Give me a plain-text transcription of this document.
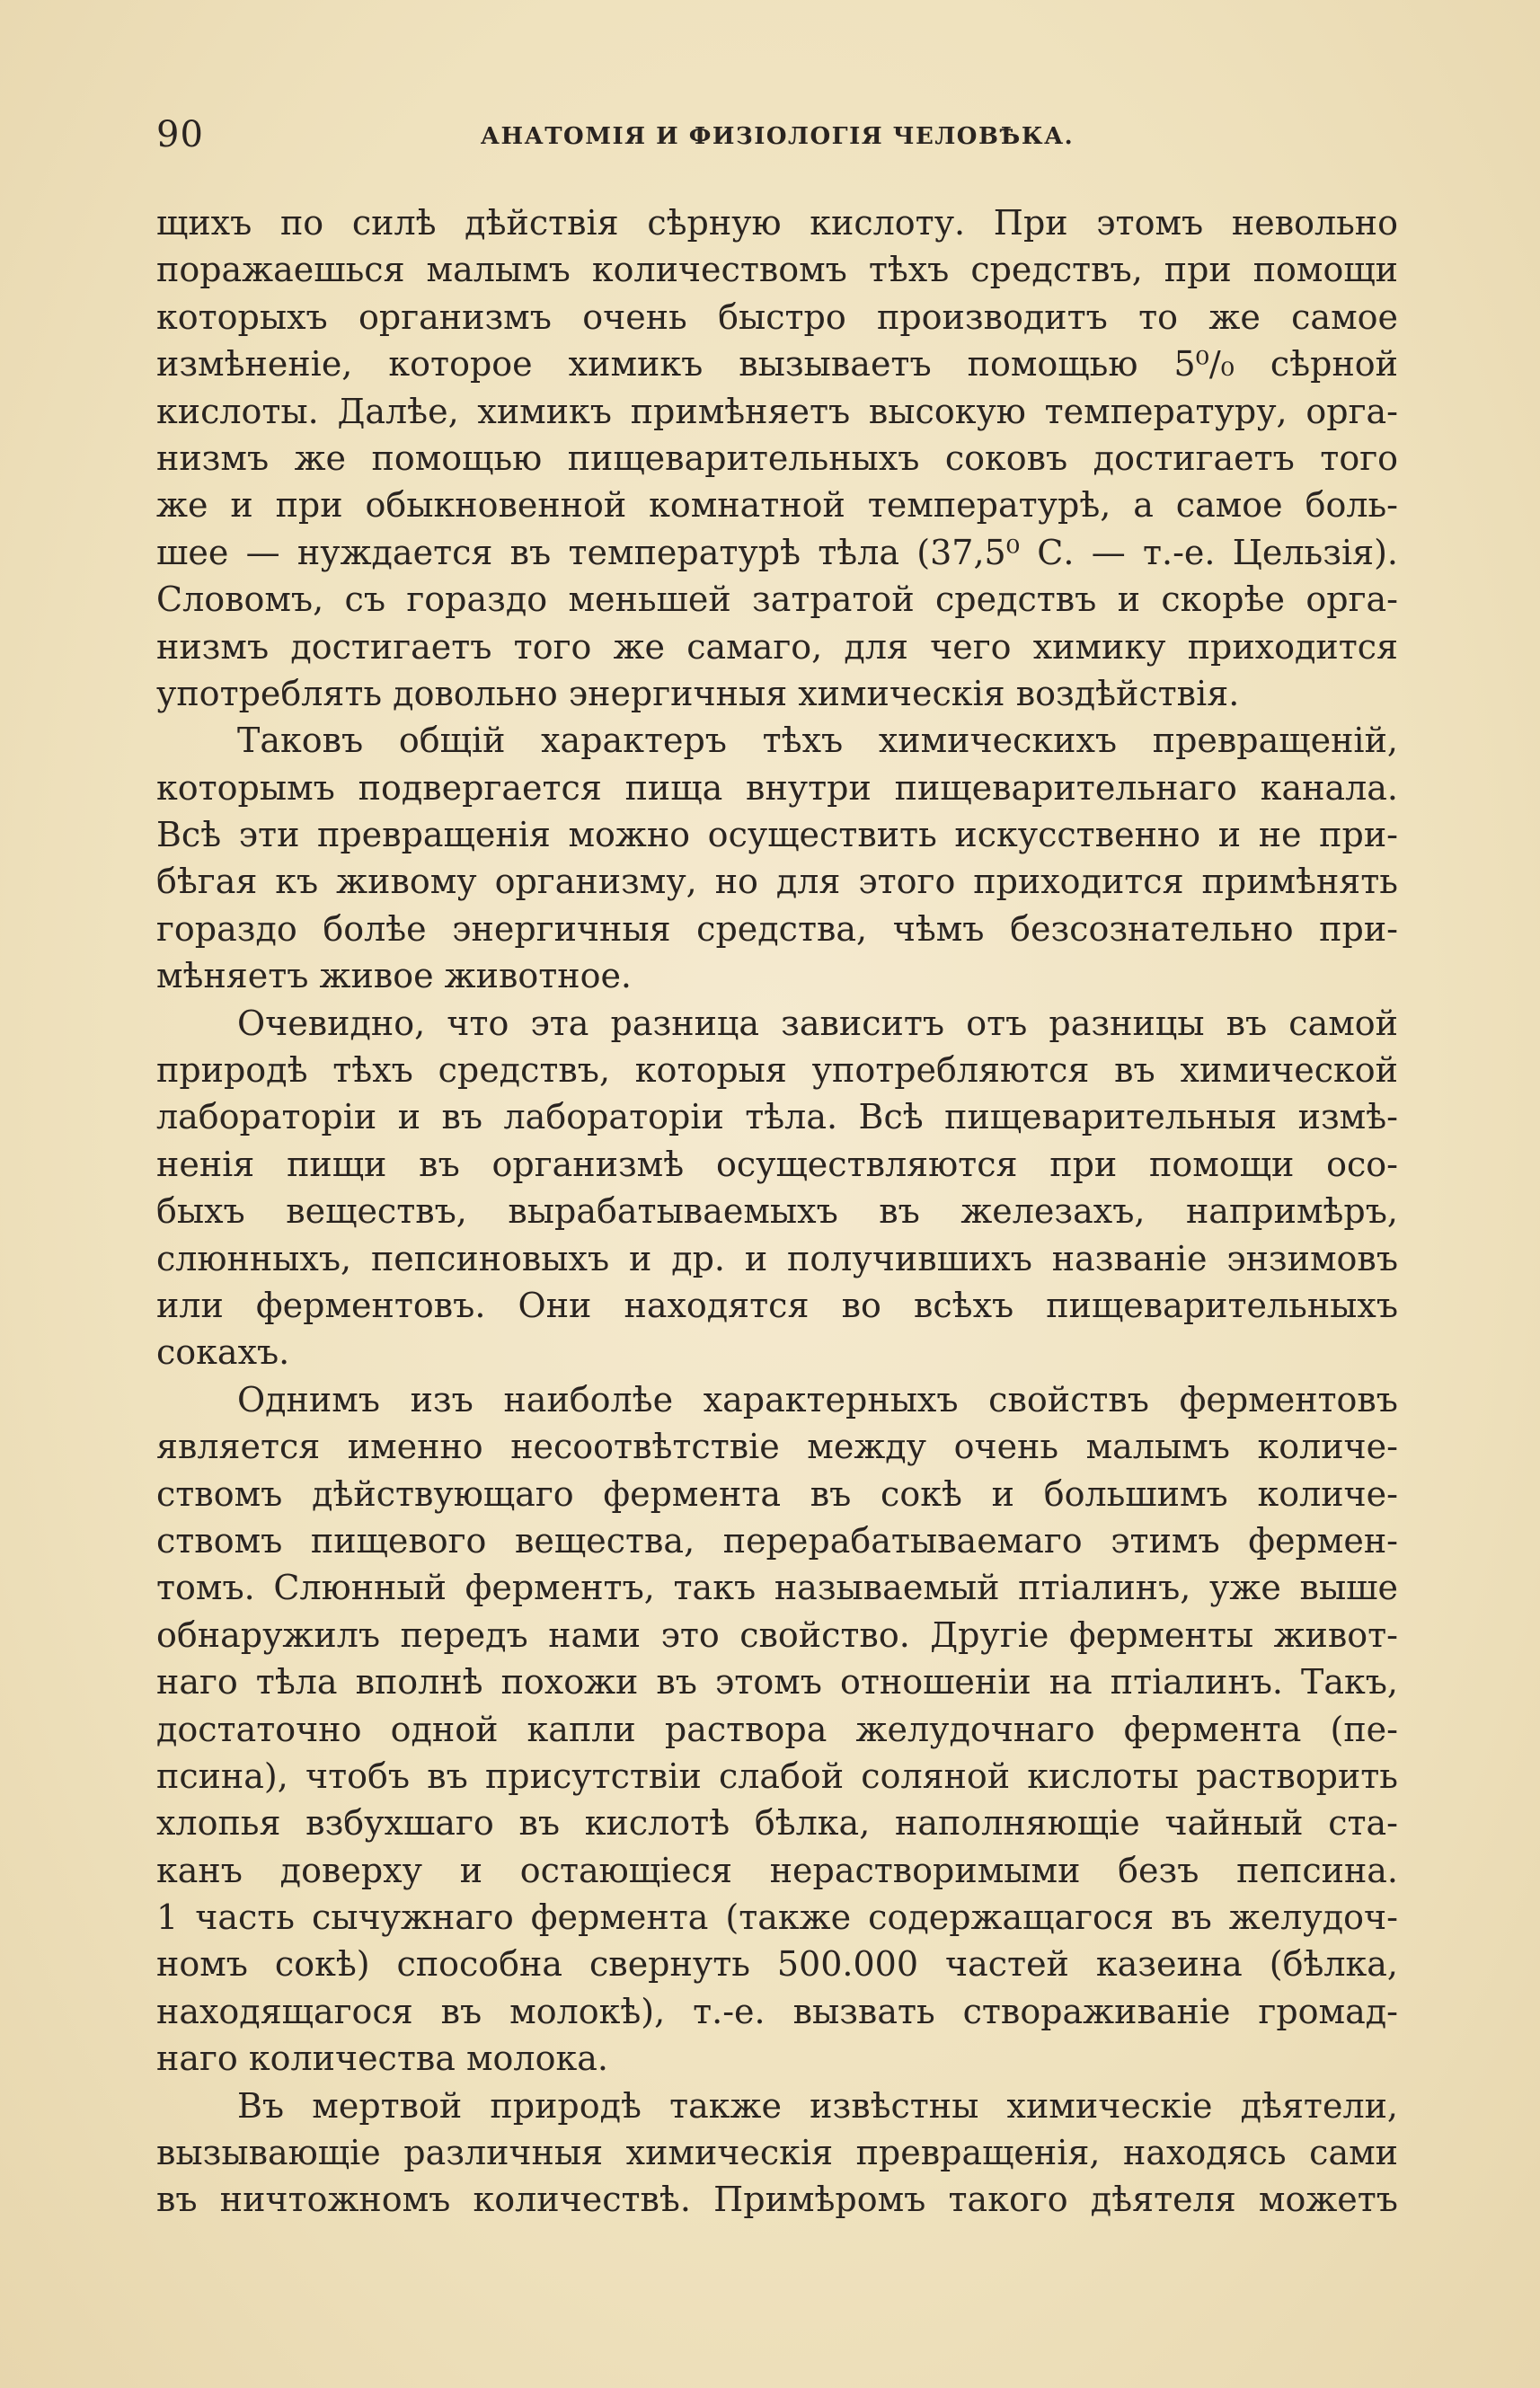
90	АНАТОМІЯ И ФИЗІОЛОГІЯ ЧЕЛОВѢКА.
щихъ по силѣ дѣйствія сѣрную кислоту. При этомъ невольно
поражаешься малымъ количествомъ тѣхъ средствъ, при помощи
которыхъ организмъ очень быстро производитъ то же самое
измѣненіе, которое химикъ вызываетъ помощью 5⁰/₀ сѣрной
кислоты. Далѣе, химикъ примѣняетъ высокую температуру, орга-
низмъ же помощью пищеварительныхъ соковъ достигаетъ того
же и при обыкновенной комнатной температурѣ, а самое боль-
шее — нуждается въ температурѣ тѣла (37,5⁰ С. — т.-е. Цельзія).
Словомъ, съ гораздо меньшей затратой средствъ и скорѣе орга-
низмъ достигаетъ того же самаго, для чего химику приходится
употреблять довольно энергичныя химическія воздѣйствія.
Таковъ общій характеръ тѣхъ химическихъ превращеній,
которымъ подвергается пища внутри пищеварительнаго канала.
Всѣ эти превращенія можно осуществить искусственно и не при-
бѣгая къ живому организму, но для этого приходится примѣнять
гораздо болѣе энергичныя средства, чѣмъ безсознательно при-
мѣняетъ живое животное.
Очевидно, что эта разница зависитъ отъ разницы въ самой
природѣ тѣхъ средствъ, которыя употребляются въ химической
лабораторіи и въ лабораторіи тѣла. Всѣ пищеварительныя измѣ-
ненія пищи въ организмѣ осуществляются при помощи осо-
быхъ веществъ, вырабатываемыхъ въ железахъ, напримѣръ,
слюнныхъ, пепсиновыхъ и др. и получившихъ названіе энзимовъ
или ферментовъ. Они находятся во всѣхъ пищеварительныхъ
сокахъ.
Однимъ изъ наиболѣе характерныхъ свойствъ ферментовъ
является именно несоотвѣтствіе между очень малымъ количе-
ствомъ дѣйствующаго фермента въ сокѣ и большимъ количе-
ствомъ пищевого вещества, перерабатываемаго этимъ фермен-
томъ. Слюнный ферментъ, такъ называемый птіалинъ, уже выше
обнаружилъ передъ нами это свойство. Другіе ферменты живот-
наго тѣла вполнѣ похожи въ этомъ отношеніи на птіалинъ. Такъ,
достаточно одной капли раствора желудочнаго фермента (пе-
псина), чтобъ въ присутствіи слабой соляной кислоты растворить
хлопья взбухшаго въ кислотѣ бѣлка, наполняющіе чайный ста-
канъ доверху и остающіеся нерастворимыми безъ пепсина.
1 часть сычужнаго фермента (также содержащагося въ желудоч-
номъ сокѣ) способна свернуть 500.000 частей казеина (бѣлка,
находящагося въ молокѣ), т.-е. вызвать створаживаніе громад-
наго количества молока.
Въ мертвой природѣ также извѣстны химическіе дѣятели,
вызывающіе различныя химическія превращенія, находясь сами
въ ничтожномъ количествѣ. Примѣромъ такого дѣятеля можетъ
